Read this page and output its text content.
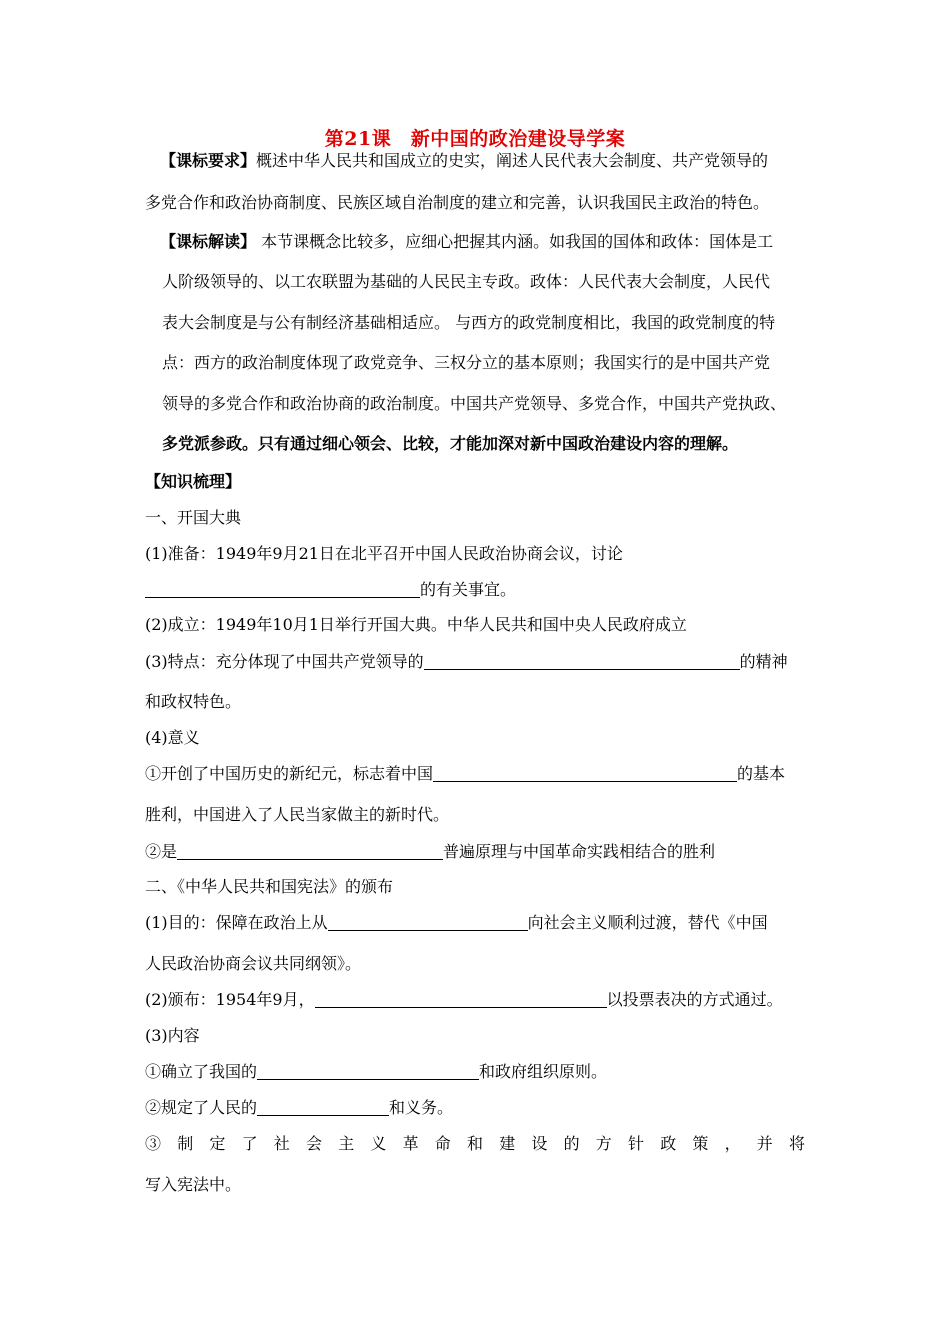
第21课　新中国的政治建设导学案
【课标要求】概述中华人民共和国成立的史实，阐述人民代表大会制度、共产党领导的
多党合作和政治协商制度、民族区域自治制度的建立和完善，认识我国民主政治的特色。
【课标解读】 本节课概念比较多，应细心把握其内涵。如我国的国体和政体：国体是工
人阶级领导的、以工农联盟为基础的人民民主专政。政体：人民代表大会制度，人民代
表大会制度是与公有制经济基础相适应。 与西方的政党制度相比，我国的政党制度的特
点：西方的政治制度体现了政党竞争、三权分立的基本原则；我国实行的是中国共产党
领导的多党合作和政治协商的政治制度。中国共产党领导、多党合作，中国共产党执政、
多党派参政。只有通过细心领会、比较，才能加深对新中国政治建设内容的理解。
【知识梳理】
一、开国大典
(1)准备：1949年9月21日在北平召开中国人民政治协商会议，讨论
的有关事宜。
(2)成立：1949年10月1日举行开国大典。中华人民共和国中央人民政府成立
(3)特点：充分体现了中国共产党领导的	的精神
和政权特色。
(4)意义
①开创了中国历史的新纪元，标志着中国	的基本
胜利，中国进入了人民当家做主的新时代。
②是	普遍原理与中国革命实践相结合的胜利
二、《中华人民共和国宪法》的颁布
(1)目的：保障在政治上从	向社会主义顺利过渡，替代《中国
人民政治协商会议共同纲领》。
(2)颁布：1954年9月，	以投票表决的方式通过。
(3)内容
①确立了我国的	和政府组织原则。
②规定了人民的	和义务。
③制定了社会主义革命和建设的方针政策，并将
写入宪法中。
